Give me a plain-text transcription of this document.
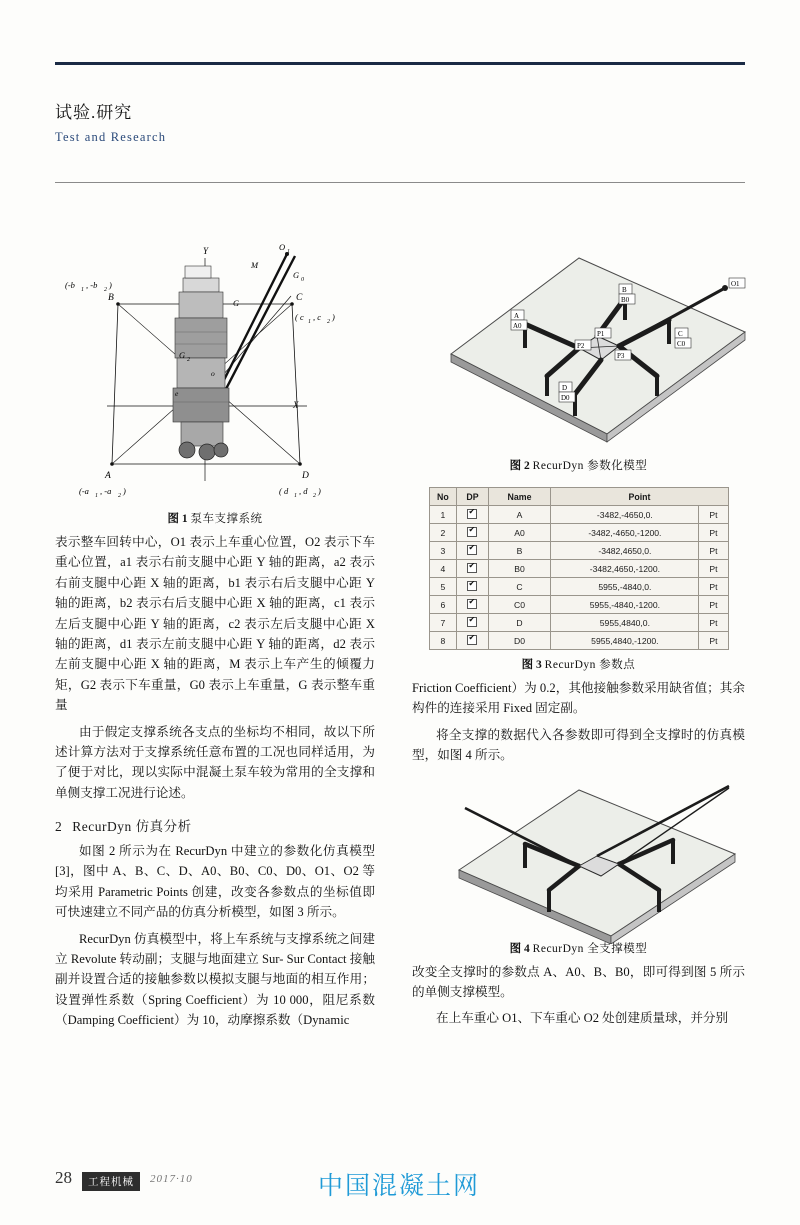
试验.研究
Test and Research
Y
X
B	C
A	D
O 1
M
G 0
G
G 2
o
e
(-b 1 , -b 2 )
( c 1 , c 2 )
(-a 1 , -a 2 )	( d 1 , d 2 )
图 1 泵车支撑系统

表示整车回转中心，O1 表示上车重心位置，O2 表示下车重心位置，a1 表示右前支腿中心距 Y 轴的距离，a2 表示右前支腿中心距 X 轴的距离，b1 表示右后支腿中心距 Y 轴的距离，b2 表示右后支腿中心距 X 轴的距离，c1 表示左后支腿中心距 Y 轴的距离，c2 表示左后支腿中心距 X 轴的距离，d1 表示左前支腿中心距 Y 轴的距离，d2 表示左前支腿中心距 X 轴的距离，M 表示上车产生的倾覆力矩，G2 表示下车重量，G0 表示上车重量，G 表示整车重量

由于假定支撑系统各支点的坐标均不相同，故以下所述计算方法对于支撑系统任意布置的工况也同样适用，为了便于对比，现以实际中混凝土泵车较为常用的全支撑和单侧支撑工况进行论述。

2 RecurDyn 仿真分析

如图 2 所示为在 RecurDyn 中建立的参数化仿真模型[3]，图中 A、B、C、D、A0、B0、C0、D0、O1、O2 等均采用 Parametric Points 创建，改变各参数点的坐标值即可快速建立不同产品的仿真分析模型，如图 3 所示。

RecurDyn 仿真模型中，将上车系统与支撑系统之间建立 Revolute 转动副；支腿与地面建立 Sur- Sur Contact 接触副并设置合适的接触参数以模拟支腿与地面的相互作用；设置弹性系数（Spring Coefficient）为 10 000，阻尼系数（Damping Coefficient）为 10，动摩擦系数（Dynamic

B
B0
A
A0
O1
P2
P1
P3
C
C0
D
D0
图 2 RecurDyn 参数化模型
No	DP	Name	Point	
1	✔	A	-3482,-4650,0.	Pt
2	✔	A0	-3482,-4650,-1200.	Pt
3	✔	B	-3482,4650,0.	Pt
4	✔	B0	-3482,4650,-1200.	Pt
5	✔	C	5955,-4840,0.	Pt
6	✔	C0	5955,-4840,-1200.	Pt
7	✔	D	5955,4840,0.	Pt
8	✔	D0	5955,4840,-1200.	Pt
图 3 RecurDyn 参数点

Friction Coefficient）为 0.2，其他接触参数采用缺省值；其余构件的连接采用 Fixed 固定副。

将全支撑的数据代入各参数即可得到全支撑时的仿真模型，如图 4 所示。

图 4 RecurDyn 全支撑模型

改变全支撑时的参数点 A、A0、B、B0，即可得到图 5 所示的单侧支撑模型。

在上车重心 O1、下车重心 O2 处创建质量球，并分别

28	工程机械	2017·10	中国混凝土网
